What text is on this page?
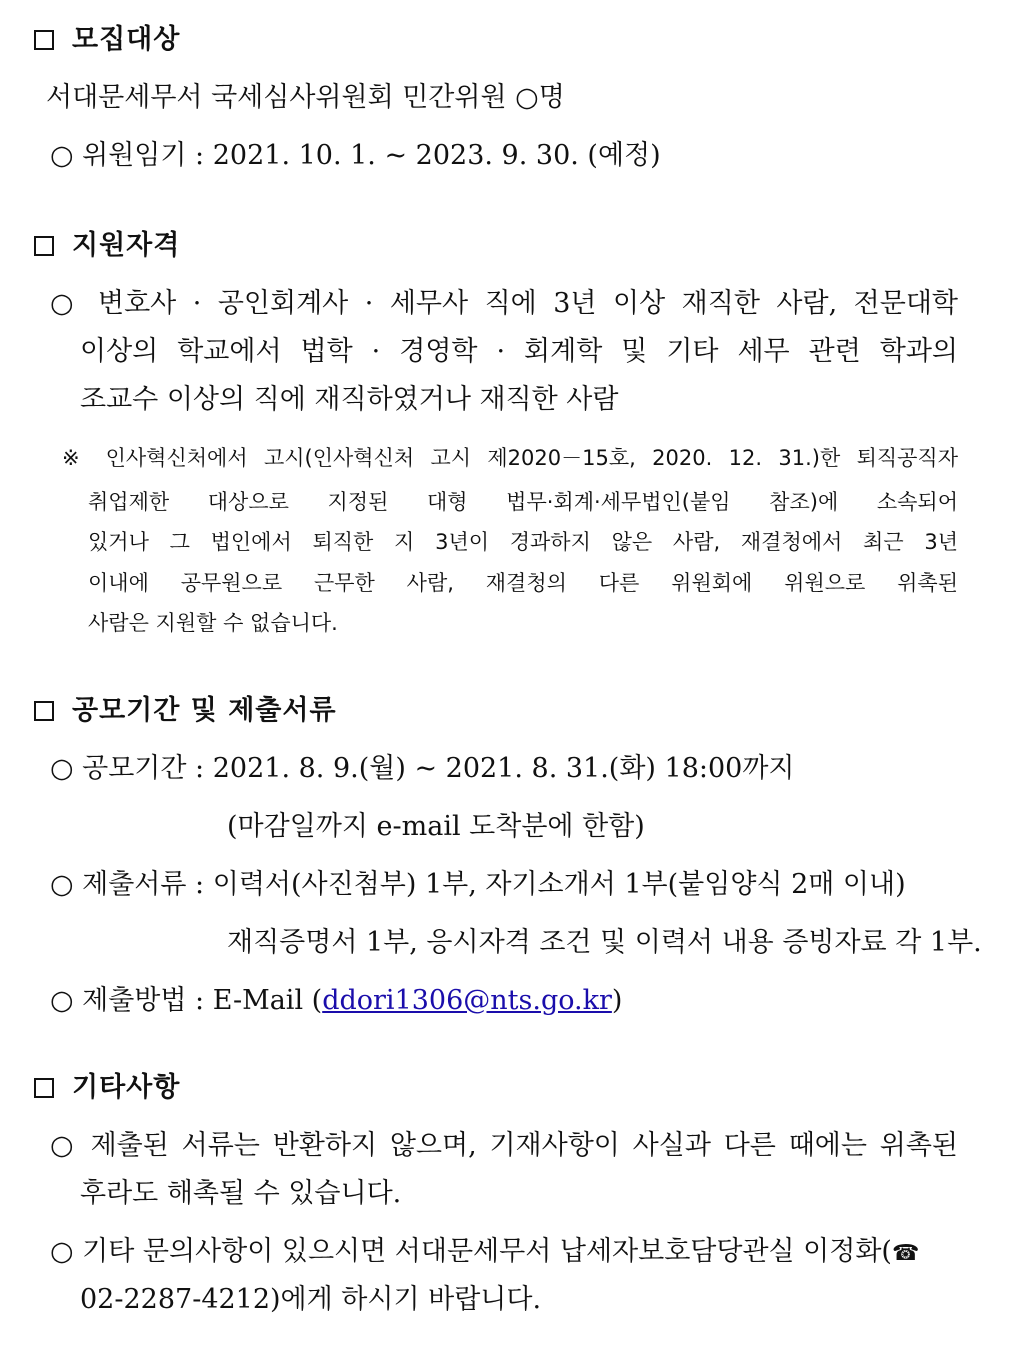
모집대상
서대문세무서 국세심사위원회 민간위원 ○명
○ 위원임기 : 2021. 10. 1. ~ 2023. 9. 30. (예정)
지원자격
○ 변호사 · 공인회계사 · 세무사 직에 3년 이상 재직한 사람, 전문대학
이상의 학교에서 법학 · 경영학 · 회계학 및 기타 세무 관련 학과의
조교수 이상의 직에 재직하였거나 재직한 사람
※ 인사혁신처에서 고시(인사혁신처 고시 제2020－15호, 2020. 12. 31.)한 퇴직공직자
취업제한 대상으로 지정된 대형 법무·회계·세무법인(붙임 참조)에 소속되어
있거나 그 법인에서 퇴직한 지 3년이 경과하지 않은 사람, 재결청에서 최근 3년
이내에 공무원으로 근무한 사람, 재결청의 다른 위원회에 위원으로 위촉된
사람은 지원할 수 없습니다.
공모기간 및 제출서류
○ 공모기간 : 2021. 8. 9.(월) ~ 2021. 8. 31.(화) 18:00까지
(마감일까지 e-mail 도착분에 한함)
○ 제출서류 : 이력서(사진첨부) 1부, 자기소개서 1부(붙임양식 2매 이내)
재직증명서 1부, 응시자격 조건 및 이력서 내용 증빙자료 각 1부.
○ 제출방법 : E-Mail (ddori1306@nts.go.kr)
기타사항
○ 제출된 서류는 반환하지 않으며, 기재사항이 사실과 다른 때에는 위촉된
후라도 해촉될 수 있습니다.
○ 기타 문의사항이 있으시면 서대문세무서 납세자보호담당관실 이정화(☎
02-2287-4212)에게 하시기 바랍니다.
